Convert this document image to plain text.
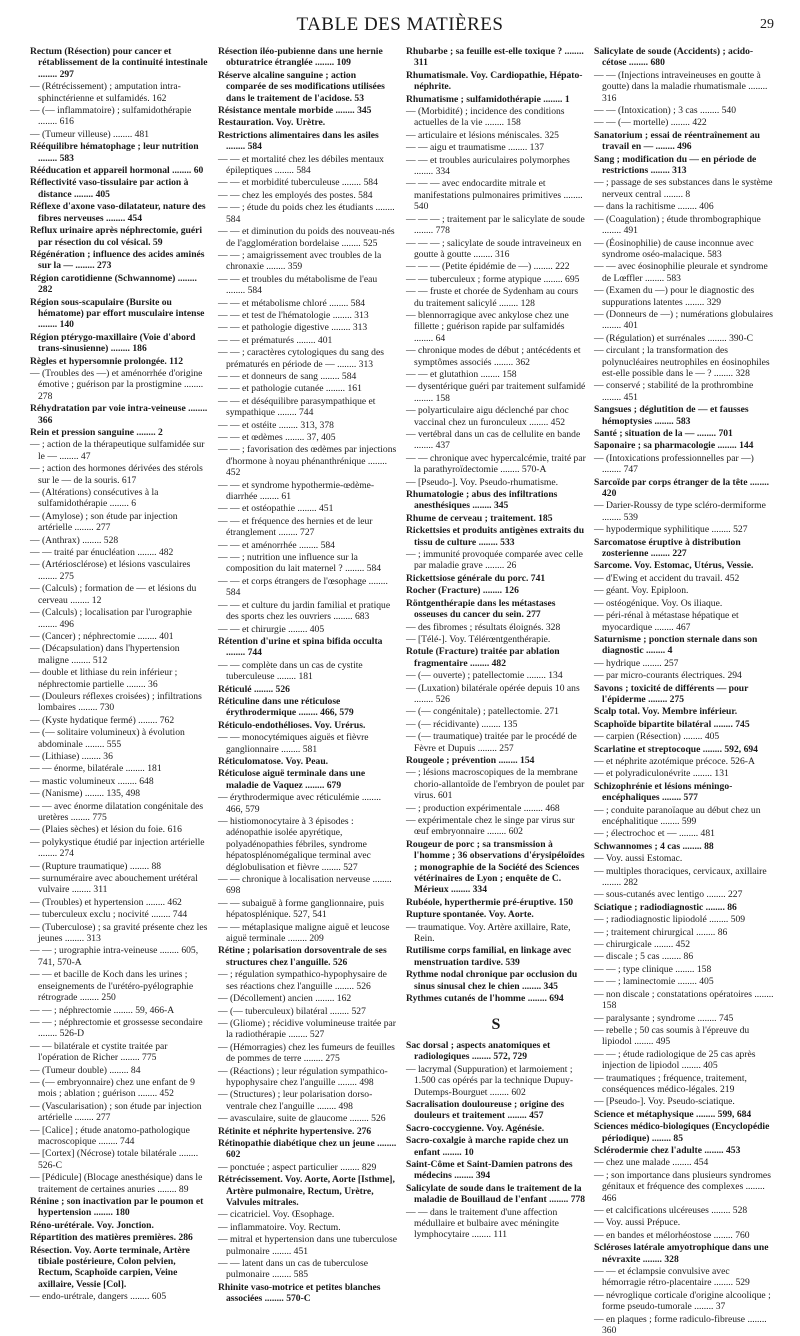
TABLE DES MATIÈRES	29
Rectum (Résection) pour cancer et rétablissement de la continuité intestinale ........ 297
— (Rétrécissement) ; amputation intra-sphinctérienne et sulfamidés. 162
— (— inflammatoire) ; sulfamidothérapie ........ 616
— (Tumeur villeuse) ........ 481
Rééquilibre hématophage ; leur nutrition ........ 583
Rééducation et appareil hormonal ........ 60
Réflectivité vaso-tissulaire par action à distance ........ 405
Réflexe d'axone vaso-dilatateur, nature des fibres nerveuses ........ 454
Reflux urinaire après néphrectomie, guéri par résection du col vésical. 59
Régénération ; influence des acides aminés sur la — ........ 273
Région carotidienne (Schwannome) ........ 282
Région sous-scapulaire (Bursite ou hématome) par effort musculaire intense ........ 140
Région ptérygo-maxillaire (Voie d'abord trans-sinusienne) ........ 186
Règles et hypersomnie prolongée. 112
— (Troubles des —) et aménorrhée d'origine émotive ; guérison par la prostigmine ........ 278
Réhydratation par voie intra-veineuse ........ 366
Rein et pression sanguine ........ 2
— ; action de la thérapeutique sulfamidée sur le — ........ 47
— ; action des hormones dérivées des stérols sur le — de la souris. 617
— (Altérations) consécutives à la sulfamidothérapie ........ 6
— (Amylose) ; son étude par injection artérielle ........ 277
— (Anthrax) ........ 528
— — traité par énucléation ........ 482
— (Artériosclérose) et lésions vasculaires ........ 275
— (Calculs) ; formation de — et lésions du cerveau ........ 12
— (Calculs) ; localisation par l'urographie ........ 496
— (Cancer) ; néphrectomie ........ 401
— (Décapsulation) dans l'hypertension maligne ........ 512
— double et lithiase du rein inférieur ; néphrectomie partielle ........ 36
— (Douleurs réflexes croisées) ; infiltrations lombaires ........ 730
— (Kyste hydatique fermé) ........ 762
— (— solitaire volumineux) à évolution abdominale ........ 555
— (Lithiase) ........ 36
— — énorme, bilatérale ........ 181
— mastic volumineux ........ 648
— (Nanisme) ........ 135, 498
— — avec énorme dilatation congénitale des uretères ........ 775
— (Plaies sèches) et lésion du foie. 616
— polykystique étudié par injection artérielle ........ 274
— (Rupture traumatique) ........ 88
— surnuméraire avec abouchement urétéral vulvaire ........ 311
— (Troubles) et hypertension ........ 462
— tuberculeux exclu ; nocivité ........ 744
— (Tuberculose) ; sa gravité présente chez les jeunes ........ 313
— — ; urographie intra-veineuse ........ 605, 741, 570-A
— — et bacille de Koch dans les urines ; enseignements de l'urétéro-pyélographie rétrograde ........ 250
— — ; néphrectomie ........ 59, 466-A
— — ; néphrectomie et grossesse secondaire ........ 526-D
— — bilatérale et cystite traitée par l'opération de Richer ........ 775
— (Tumeur double) ........ 84
— (— embryonnaire) chez une enfant de 9 mois ; ablation ; guérison ........ 452
— (Vascularisation) ; son étude par injection artérielle ........ 277
— [Calice] ; étude anatomo-pathologique macroscopique ........ 744
— [Cortex] (Nécrose) totale bilatérale ........ 526-C
— [Pédicule] (Blocage anesthésique) dans le traitement de certaines anuries ........ 89
Rénine ; son inactivation par le poumon et hypertension ........ 180
Réno-urétérale. Voy. Jonction.
Répartition des matières premières. 286
Résection. Voy. Aorte terminale, Artère tibiale postérieure, Colon pelvien, Rectum, Scaphoïde carpien, Veine axillaire, Vessie [Col].
— endo-urétrale, dangers ........ 605
Résection iléo-pubienne dans une hernie obturatrice étranglée ........ 109
Réserve alcaline sanguine ; action comparée de ses modifications utilisées dans le traitement de l'acidose. 53
Résistance mentale morbide ........ 345
Restauration. Voy. Urètre.
Restrictions alimentaires dans les asiles ........ 584
— — et mortalité chez les débiles mentaux épileptiques ........ 584
— — et morbidité tuberculeuse ........ 584
— — chez les employés des postes. 584
— — ; étude du poids chez les étudiants ........ 584
— — et diminution du poids des nouveau-nés de l'agglomération bordelaise ........ 525
— — ; amaigrissement avec troubles de la chronaxie ........ 359
— — et troubles du métabolisme de l'eau ........ 584
— — et métabolisme chloré ........ 584
— — et test de l'hématologie ........ 313
— — et pathologie digestive ........ 313
— — et prématurés ........ 401
— — ; caractères cytologiques du sang des prématurés en période de — ........ 313
— — et donneurs de sang ........ 584
— — et pathologie cutanée ........ 161
— — et déséquilibre parasympathique et sympathique ........ 744
— — et ostéite ........ 313, 378
— — et œdèmes ........ 37, 405
— — ; favorisation des œdèmes par injections d'hormone à noyau phénanthrénique ........ 452
— — et syndrome hypothermie-œdème-diarrhée ........ 61
— — et ostéopathie ........ 451
— — et fréquence des hernies et de leur étranglement ........ 727
— — et aménorrhée ........ 584
— — ; nutrition une influence sur la composition du lait maternel ? ........ 584
— — et corps étrangers de l'œsophage ........ 584
— — et culture du jardin familial et pratique des sports chez les ouvriers ........ 683
— — et chirurgie ........ 405
Rétention d'urine et spina bifida occulta ........ 744
— — complète dans un cas de cystite tuberculeuse ........ 181
Réticulé ........ 526
Réticuline dans une réticulose érythrodermique ........ 466, 579
Réticulo-endothélioses. Voy. Urérus.
— — monocytémiques aiguës et fièvre ganglionnaire ........ 581
Réticulomatose. Voy. Peau.
Réticulose aiguë terminale dans une maladie de Vaquez ........ 679
— érythrodermique avec réticulémie ........ 466, 579
— histiomonocytaire à 3 épisodes : adénopathie isolée apyrétique, polyadénopathies fébriles, syndrome hépatosplénomégalique terminal avec déglobulisation et fièvre ........ 527
— — chronique à localisation nerveuse ........ 698
— — subaiguë à forme ganglionnaire, puis hépatosplénique. 527, 541
— — métaplasique maligne aiguë et leucose aiguë terminale ........ 209
Rétine ; polarisation dorsoventrale de ses structures chez l'anguille. 526
— ; régulation sympathico-hypophysaire de ses réactions chez l'anguille ........ 526
— (Décollement) ancien ........ 162
— (— tuberculeux) bilatéral ........ 527
— (Gliome) ; récidive volumineuse traitée par la radiothérapie ........ 527
— (Hémorragies) chez les fumeurs de feuilles de pommes de terre ........ 275
— (Réactions) ; leur régulation sympathico-hypophysaire chez l'anguille ........ 498
— (Structures) ; leur polarisation dorso-ventrale chez l'anguille ........ 498
— avasculaire, suite de glaucome ........ 526
Rétinite et néphrite hypertensive. 276
Rétinopathie diabétique chez un jeune ........ 602
— ponctuée ; aspect particulier ........ 829
Rétrécissement. Voy. Aorte, Aorte [Isthme], Artère pulmonaire, Rectum, Urètre, Valvules mitrales.
— cicatriciel. Voy. Œsophage.
— inflammatoire. Voy. Rectum.
— mitral et hypertension dans une tuberculose pulmonaire ........ 451
— — latent dans un cas de tuberculose pulmonaire ........ 585
Rhinite vaso-motrice et petites blanches associées ........ 570-C
Rhubarbe ; sa feuille est-elle toxique ? ........ 311
Rhumatismale. Voy. Cardiopathie, Hépato-néphrite.
Rhumatisme ; sulfamidothérapie ........ 1
— (Morbidité) ; incidence des conditions actuelles de la vie ........ 158
— articulaire et lésions méniscales. 325
— — aigu et traumatisme ........ 137
— — et troubles auriculaires polymorphes ........ 334
— — — avec endocardite mitrale et manifestations pulmonaires primitives ........ 540
— — — ; traitement par le salicylate de soude ........ 778
— — — ; salicylate de soude intraveineux en goutte à goutte ........ 316
— — — (Petite épidémie de —) ........ 222
— — tuberculeux ; forme atypique ........ 695
— — fruste et chorée de Sydenham au cours du traitement salicylé ........ 128
— blennorragique avec ankylose chez une fillette ; guérison rapide par sulfamidés ........ 64
— chronique modes de début ; antécédents et symptômes associés ........ 362
— — et glutathion ........ 158
— dysentérique guéri par traitement sulfamidé ........ 158
— polyarticulaire aigu déclenché par choc vaccinal chez un furonculeux ........ 452
— vertébral dans un cas de cellulite en bande ........ 437
— — chronique avec hypercalcémie, traité par la parathyroïdectomie ........ 570-A
— [Pseudo-]. Voy. Pseudo-rhumatisme.
Rhumatologie ; abus des infiltrations anesthésiques ........ 345
Rhume de cerveau ; traitement. 185
Rickettsies et produits antigènes extraits du tissu de culture ........ 533
— ; immunité provoquée comparée avec celle par maladie grave ........ 26
Rickettsiose générale du porc. 741
Rocher (Fracture) ........ 126
Röntgenthérapie dans les métastases osseuses du cancer du sein. 277
— des fibromes ; résultats éloignés. 328
— [Télé-]. Voy. Télérœntgenthérapie.
Rotule (Fracture) traitée par ablation fragmentaire ........ 482
— (— ouverte) ; patellectomie ........ 134
— (Luxation) bilatérale opérée depuis 10 ans ........ 526
— (— congénitale) ; patellectomie. 271
— (— récidivante) ........ 135
— (— traumatique) traitée par le procédé de Fèvre et Dupuis ........ 257
Rougeole ; prévention ........ 154
— ; lésions macroscopiques de la membrane chorio-allantoïde de l'embryon de poulet par virus. 601
— ; production expérimentale ........ 468
— expérimentale chez le singe par virus sur œuf embryonnaire ........ 602
Rougeur de porc ; sa transmission à l'homme ; 36 observations d'érysipéloïdes ; monographie de la Société des Sciences vétérinaires de Lyon ; enquête de C. Mérieux ........ 334
Rubéole, hyperthermie pré-éruptive. 150
Rupture spontanée. Voy. Aorte.
— traumatique. Voy. Artère axillaire, Rate, Rein.
Rutilisme corps familial, en linkage avec menstruation tardive. 539
Rythme nodal chronique par occlusion du sinus sinusal chez le chien ........ 345
Rythmes cutanés de l'homme ........ 694
S
Sac dorsal ; aspects anatomiques et radiologiques ........ 572, 729
— lacrymal (Suppuration) et larmoiement ; 1.500 cas opérés par la technique Dupuy-Dutemps-Bourguet ........ 602
Sacralisation douloureuse ; origine des douleurs et traitement ........ 457
Sacro-coccygienne. Voy. Agénésie.
Sacro-coxalgie à marche rapide chez un enfant ........ 10
Saint-Côme et Saint-Damien patrons des médecins ........ 394
Salicylate de soude dans le traitement de la maladie de Bouillaud de l'enfant ........ 778
— — dans le traitement d'une affection médullaire et bulbaire avec méningite lymphocytaire ........ 111
Salicylate de soude (Accidents) ; acido-cétose ........ 680
— — (Injections intraveineuses en goutte à goutte) dans la maladie rhumatismale ........ 316
— — (Intoxication) ; 3 cas ........ 540
— — (— mortelle) ........ 422
Sanatorium ; essai de réentraînement au travail en — ........ 496
Sang ; modification du — en période de restrictions ........ 313
— ; passage de ses substances dans le système nerveux central ........ 8
— dans la rachitisme ........ 406
— (Coagulation) ; étude thrombographique ........ 491
— (Éosinophilie) de cause inconnue avec syndrome oséo-malacique. 583
— — avec éosinophilie pleurale et syndrome de Lœffler ........ 583
— (Examen du —) pour le diagnostic des suppurations latentes ........ 329
— (Donneurs de —) ; numérations globulaires ........ 401
— (Régulation) et surrénales ........ 390-C
— circulant ; la transformation des polynucléaires neutrophiles en éosinophiles est-elle possible dans le — ? ........ 328
— conservé ; stabilité de la prothrombine ........ 451
Sangsues ; déglutition de — et fausses hémoptysies ........ 583
Santé ; situation de la — ........ 701
Saponaire ; sa pharmacologie ........ 144
— (Intoxications professionnelles par —) ........ 747
Sarcoïde par corps étranger de la tête ........ 420
— Darier-Roussy de type scléro-dermiforme ........ 539
— hypodermique syphilitique ........ 527
Sarcomatose éruptive à distribution zosterienne ........ 227
Sarcome. Voy. Estomac, Utérus, Vessie.
— d'Ewing et accident du travail. 452
— géant. Voy. Epiploon.
— ostéogénique. Voy. Os iliaque.
— péri-rénal à métastase hépatique et myocardique ........ 467
Saturnisme ; ponction sternale dans son diagnostic ........ 4
— hydrique ........ 257
— par micro-courants électriques. 294
Savons ; toxicité de différents — pour l'épiderme ........ 275
Scalp total. Voy. Membre inférieur.
Scaphoïde bipartite bilatéral ........ 745
— carpien (Résection) ........ 405
Scarlatine et streptocoque ........ 592, 694
— et néphrite azotémique précoce. 526-A
— et polyradiculonévrite ........ 131
Schizophrénie et lésions méningo-encéphaliques ........ 577
— ; conduite paranoïaque au début chez un encéphalitique ........ 599
— ; électrochoc et — ........ 481
Schwannomes ; 4 cas ........ 88
— Voy. aussi Estomac.
— multiples thoraciques, cervicaux, axillaire ........ 282
— sous-cutanés avec lentigo ........ 227
Sciatique ; radiodiagnostic ........ 86
— ; radiodiagnostic lipiodolé ........ 509
— ; traitement chirurgical ........ 86
— chirurgicale ........ 452
— discale ; 5 cas ........ 86
— — ; type clinique ........ 158
— — ; laminectomie ........ 405
— non discale ; constatations opératoires ........ 158
— paralysante ; syndrome ........ 745
— rebelle ; 50 cas soumis à l'épreuve du lipiodol ........ 495
— — ; étude radiologique de 25 cas après injection de lipiodol ........ 405
— traumatiques ; fréquence, traitement, conséquences médico-légales. 219
— [Pseudo-]. Voy. Pseudo-sciatique.
Science et métaphysique ........ 599, 684
Sciences médico-biologiques (Encyclopédie périodique) ........ 85
Sclérodermie chez l'adulte ........ 453
— chez une malade ........ 454
— ; son importance dans plusieurs syndromes génitaux et fréquence des complexes ........ 466
— et calcifications ulcéreuses ........ 528
— Voy. aussi Prépuce.
— en bandes et mélorhéostose ........ 760
Scléroses latérale amyotrophique dans une névraxite ........ 328
— — et éclampsie convulsive avec hémorragie rétro-placentaire ........ 529
— névroglique corticale d'origine alcoolique ; forme pseudo-tumorale ........ 37
— en plaques ; forme radiculo-fibreuse ........ 360
